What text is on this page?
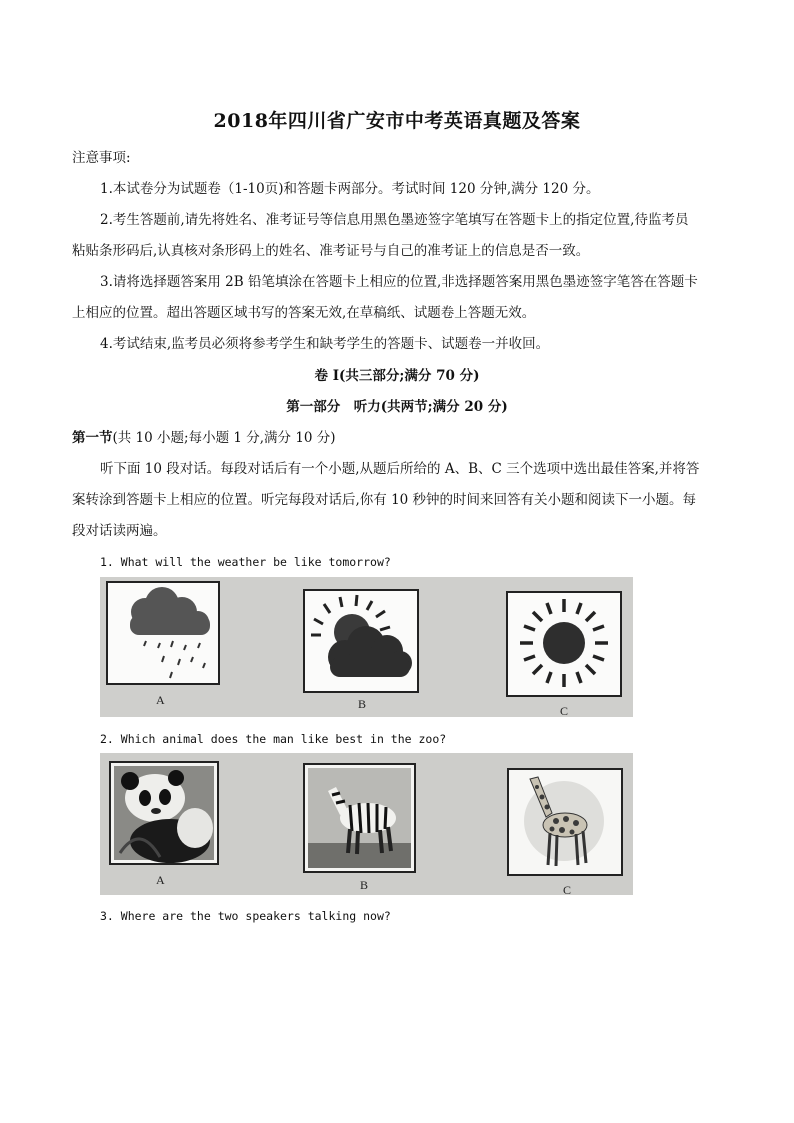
2018年四川省广安市中考英语真题及答案
注意事项:
1.本试卷分为试题卷（1-10页)和答题卡两部分。考试时间 120 分钟,满分 120 分。
2.考生答题前,请先将姓名、准考证号等信息用黑色墨迹签字笔填写在答题卡上的指定位置,待监考员
粘贴条形码后,认真核对条形码上的姓名、准考证号与自己的准考证上的信息是否一致。
3.请将选择题答案用 2B 铅笔填涂在答题卡上相应的位置,非选择题答案用黑色墨迹签字笔答在答题卡
上相应的位置。超出答题区域书写的答案无效,在草稿纸、试题卷上答题无效。
4.考试结束,监考员必须将参考学生和缺考学生的答题卡、试题卷一并收回。
卷 I(共三部分;满分 70 分)
第一部分　听力(共两节;满分 20 分)
第一节(共 10 小题;每小题 1 分,满分 10 分)
听下面 10 段对话。每段对话后有一个小题,从题后所给的 A、B、C 三个选项中选出最佳答案,并将答
案转涂到答题卡上相应的位置。听完每段对话后,你有 10 秒钟的时间来回答有关小题和阅读下一小题。每
段对话读两遍。
1. What will the weather be like tomorrow?
A	B	C
2. Which animal does the man like best in the zoo?
A	B	C
3. Where are the two speakers talking now?
